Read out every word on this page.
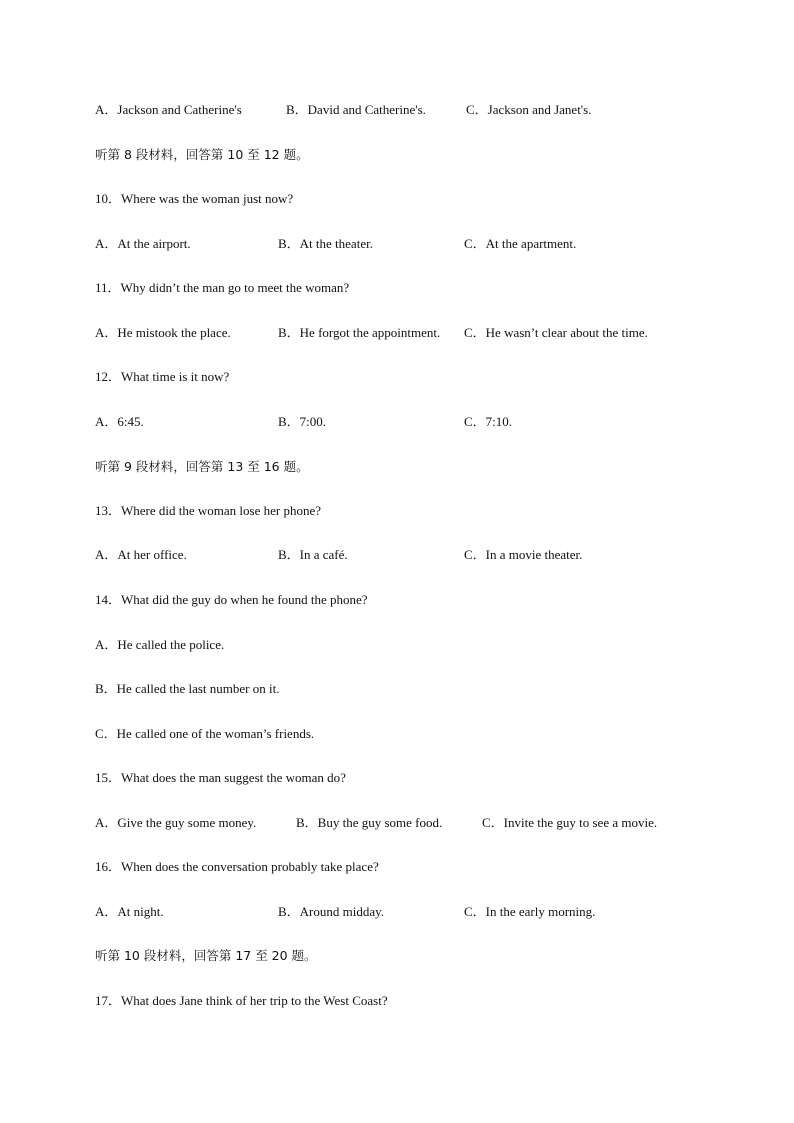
A．Jackson and Catherine's	B．David and Catherine's.	C．Jackson and Janet's.
听第 8 段材料，回答第 10 至 12 题。
10．Where was the woman just now?
A．At the airport.	B．At the theater.	C．At the apartment.
11．Why didn’t the man go to meet the woman?
A．He mistook the place.	B．He forgot the appointment. C．He wasn’t clear about the time.
12．What time is it now?
A．6:45.	B．7:00.	C．7:10.
听第 9 段材料，回答第 13 至 16 题。
13．Where did the woman lose her phone?
A．At her office.	B．In a café.	C．In a movie theater.
14．What did the guy do when he found the phone?
A．He called the police.
B．He called the last number on it.
C．He called one of the woman’s friends.
15．What does the man suggest the woman do?
A．Give the guy some money.	B．Buy the guy some food.	C．Invite the guy to see a movie.
16．When does the conversation probably take place?
A．At night.	B．Around midday.	C．In the early morning.
听第 10 段材料，回答第 17 至 20 题。
17．What does Jane think of her trip to the West Coast?
